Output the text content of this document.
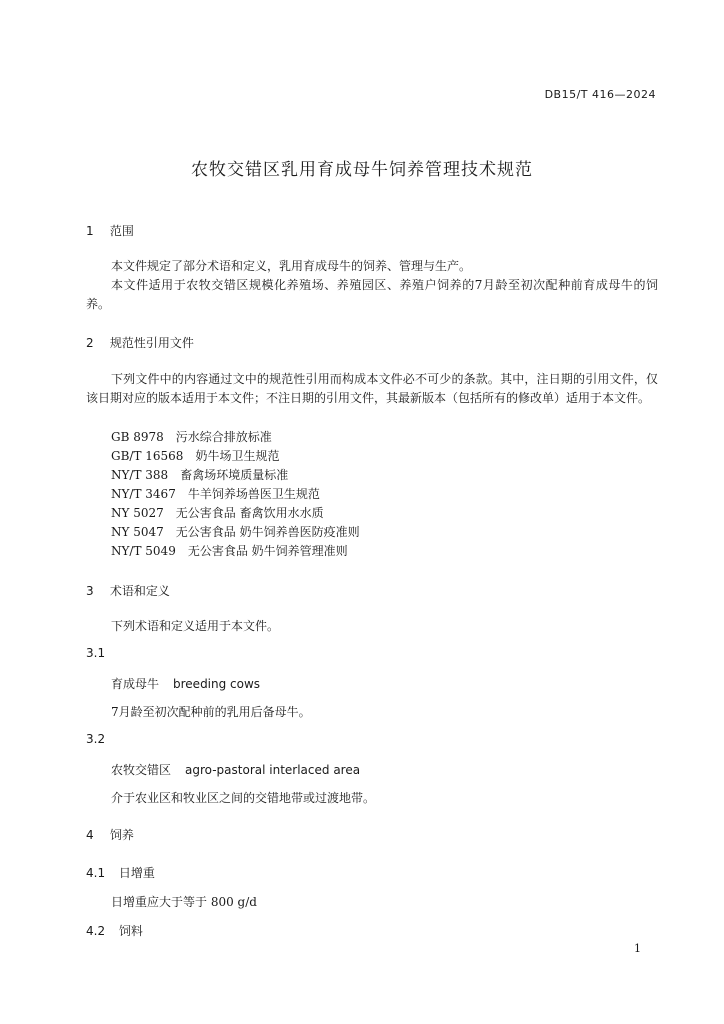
DB15/T 416—2024
农牧交错区乳用育成母牛饲养管理技术规范
1 范围
本文件规定了部分术语和定义，乳用育成母牛的饲养、管理与生产。
本文件适用于农牧交错区规模化养殖场、养殖园区、养殖户饲养的7月龄至初次配种前育成母牛的饲养。
2 规范性引用文件
下列文件中的内容通过文中的规范性引用而构成本文件必不可少的条款。其中，注日期的引用文件，仅该日期对应的版本适用于本文件；不注日期的引用文件，其最新版本（包括所有的修改单）适用于本文件。
GB 8978　污水综合排放标准
GB/T 16568　奶牛场卫生规范
NY/T 388　畜禽场环境质量标准
NY/T 3467　牛羊饲养场兽医卫生规范
NY 5027　无公害食品 畜禽饮用水水质
NY 5047　无公害食品 奶牛饲养兽医防疫准则
NY/T 5049　无公害食品 奶牛饲养管理准则
3 术语和定义
下列术语和定义适用于本文件。
3.1
育成母牛 breeding cows
7月龄至初次配种前的乳用后备母牛。
3.2
农牧交错区 agro-pastoral interlaced area
介于农业区和牧业区之间的交错地带或过渡地带。
4 饲养
4.1 日增重
日增重应大于等于 800 g/d
4.2 饲料
1
